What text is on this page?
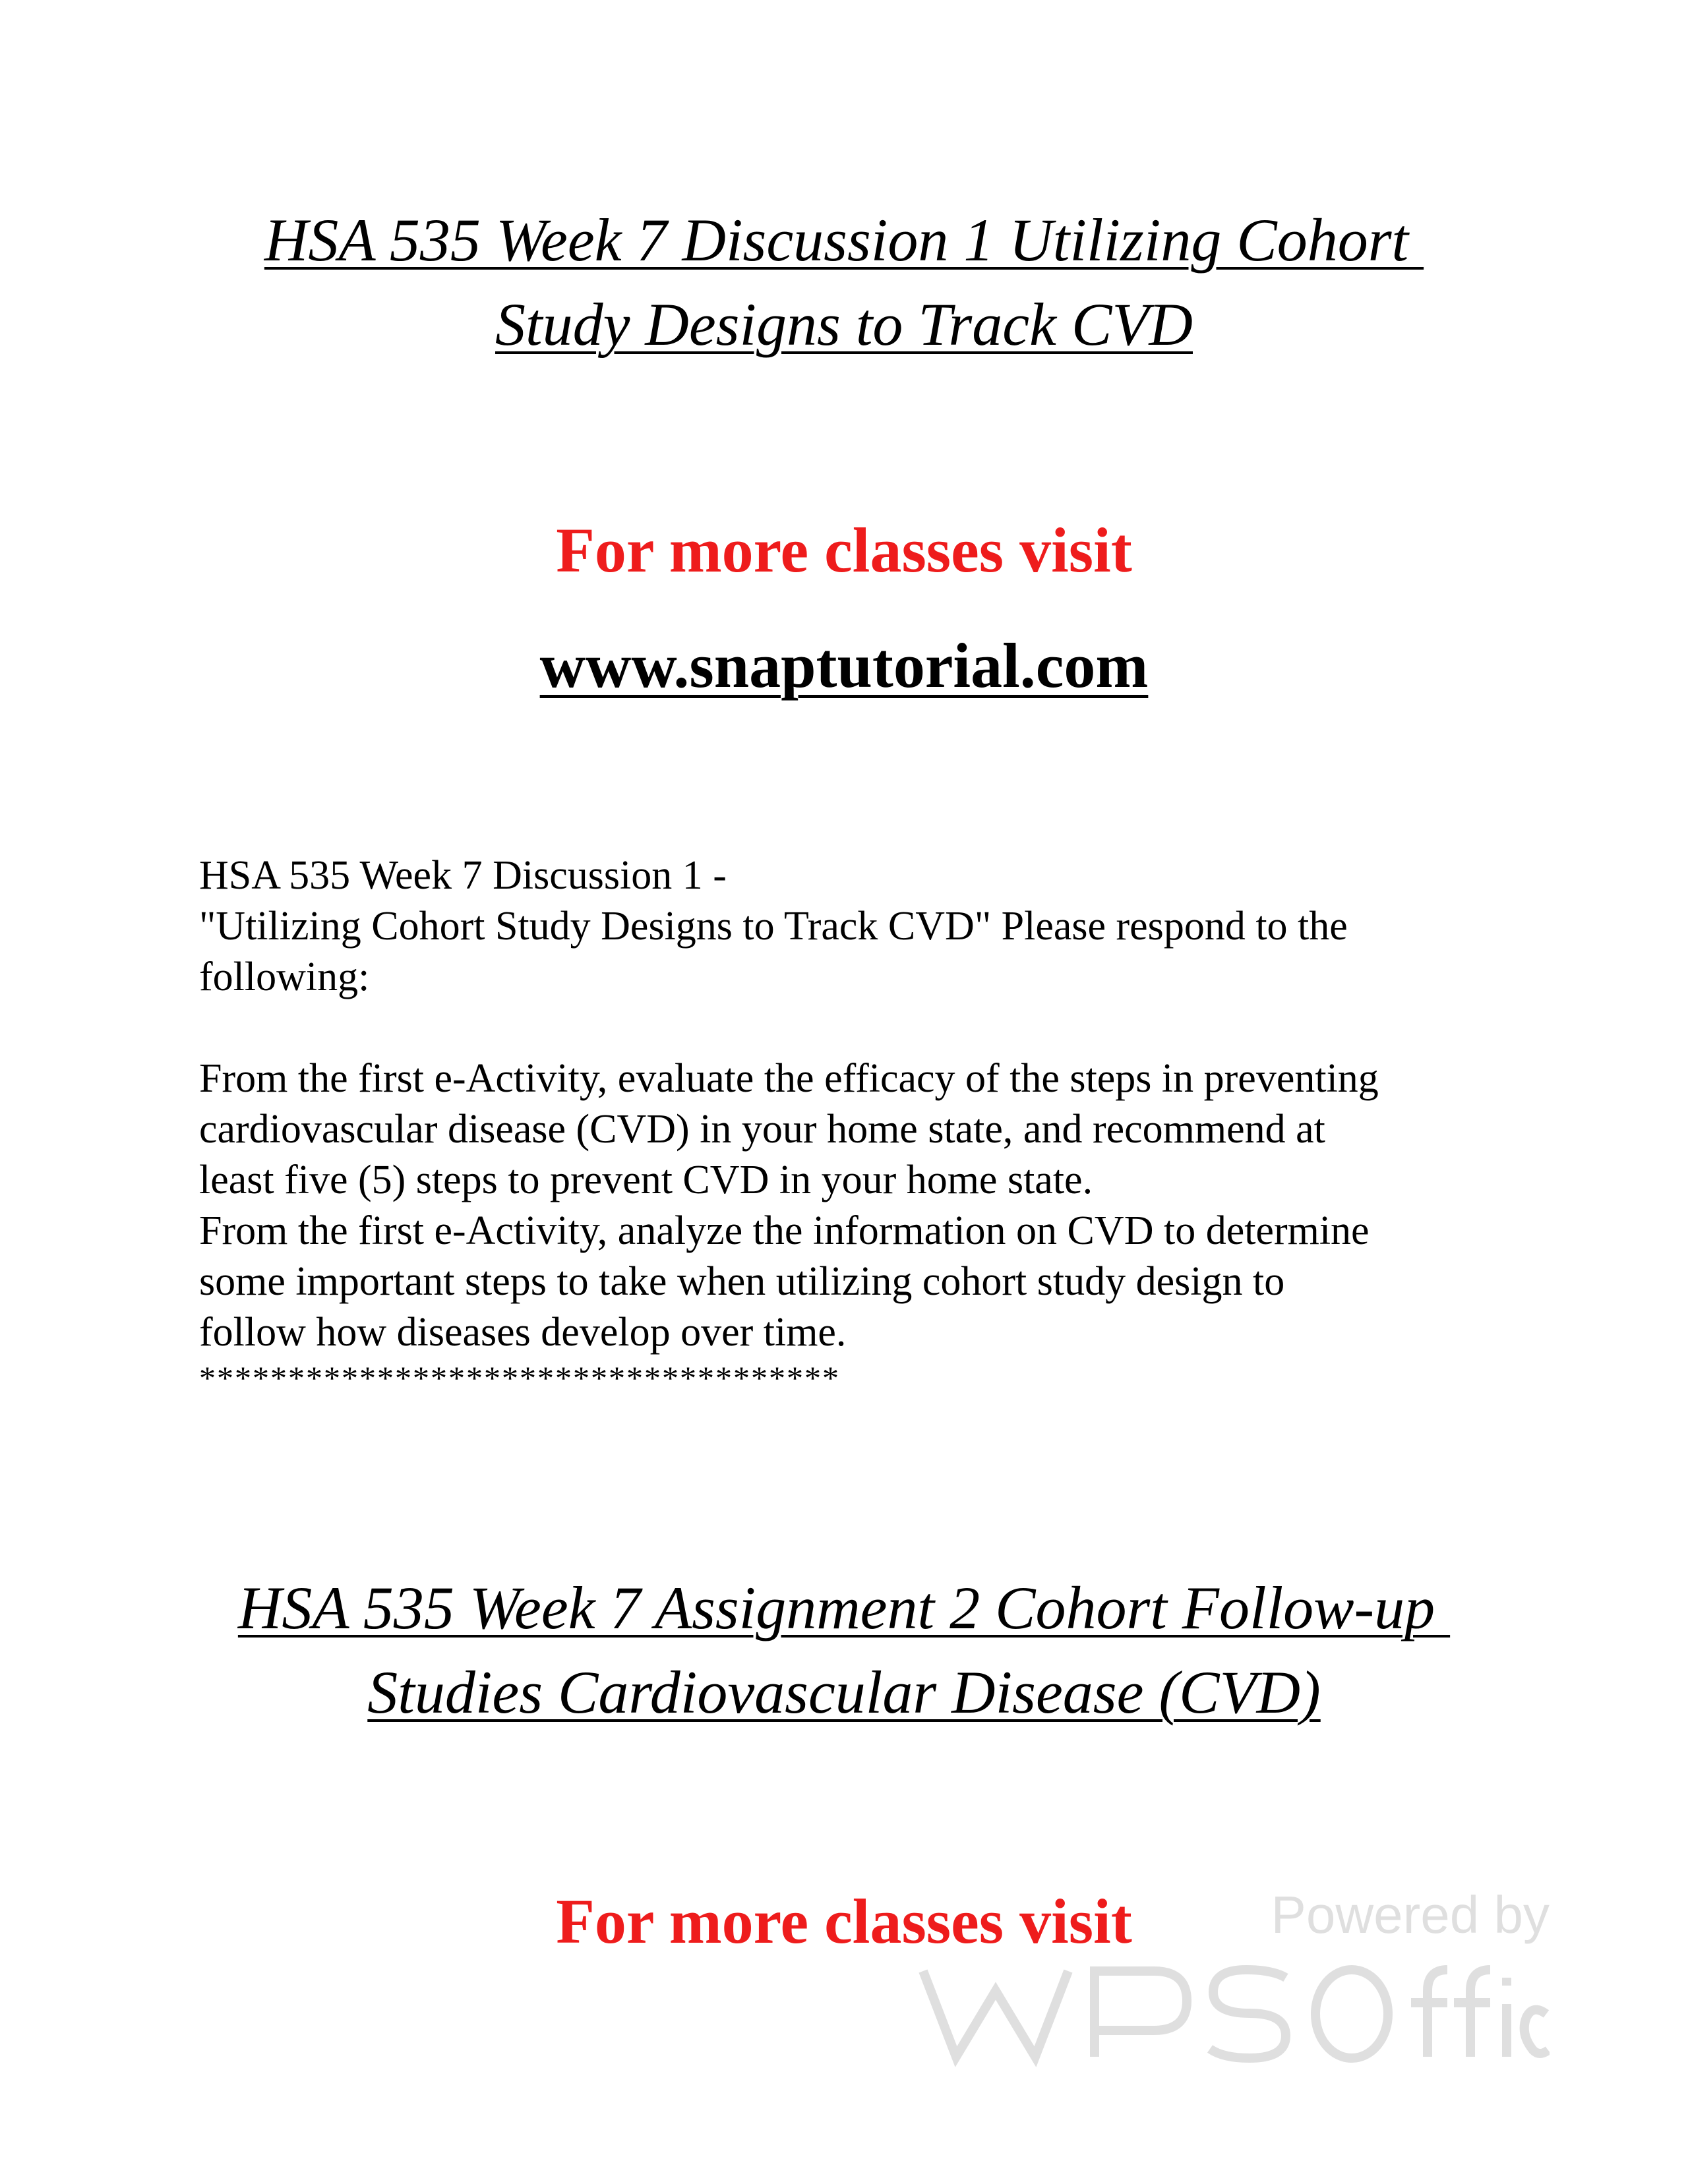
HSA 535 Week 7 Discussion 1 Utilizing Cohort
Study Designs to Track CVD

For more classes visit

www.snaptutorial.com

HSA 535 Week 7 Discussion 1 -
"Utilizing Cohort Study Designs to Track CVD" Please respond to the
following:

From the first e-Activity, evaluate the efficacy of the steps in preventing
cardiovascular disease (CVD) in your home state, and recommend at
least five (5) steps to prevent CVD in your home state.
From the first e-Activity, analyze the information on CVD to determine
some important steps to take when utilizing cohort study design to
follow how diseases develop over time.
************************************
HSA 535 Week 7 Assignment 2 Cohort Follow-up
Studies Cardiovascular Disease (CVD)

For more classes visit	Powered by
